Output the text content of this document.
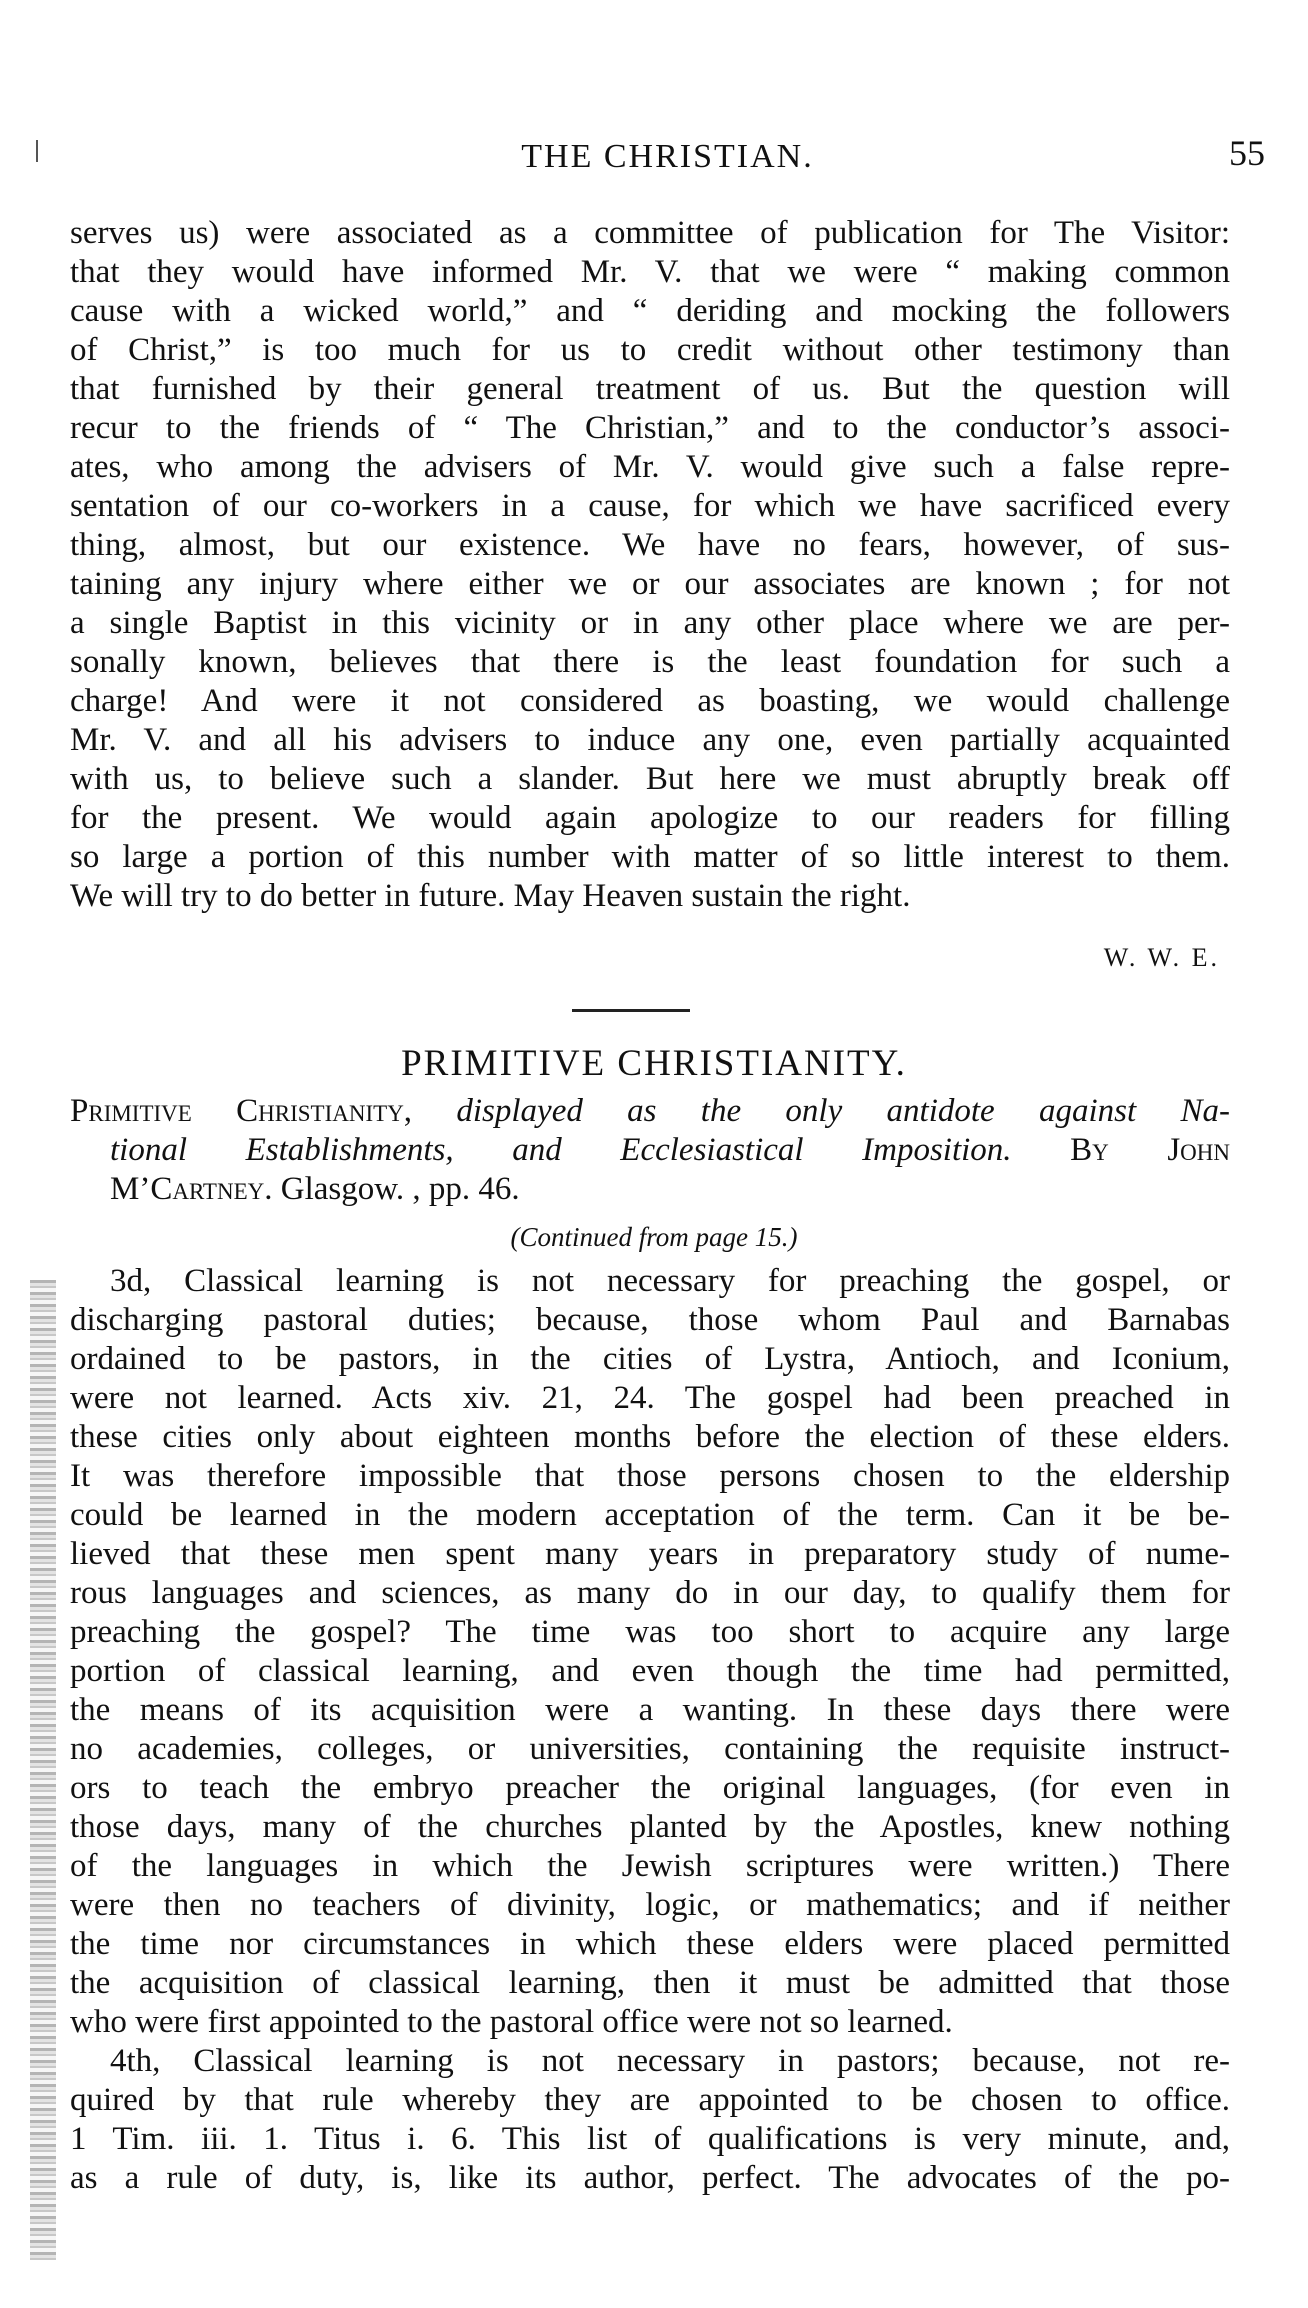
THE CHRISTIAN.	55
serves us) were associated as a committee of publication for The Visitor:
that they would have informed Mr. V. that we were “ making common
cause with a wicked world,” and “ deriding and mocking the followers
of Christ,” is too much for us to credit without other testimony than
that furnished by their general treatment of us. But the question will
recur to the friends of “ The Christian,” and to the conductor’s associ-
ates, who among the advisers of Mr. V. would give such a false repre-
sentation of our co-workers in a cause, for which we have sacrificed every
thing, almost, but our existence. We have no fears, however, of sus-
taining any injury where either we or our associates are known ; for not
a single Baptist in this vicinity or in any other place where we are per-
sonally known, believes that there is the least foundation for such a
charge! And were it not considered as boasting, we would challenge
Mr. V. and all his advisers to induce any one, even partially acquainted
with us, to believe such a slander. But here we must abruptly break off
for the present. We would again apologize to our readers for filling
so large a portion of this number with matter of so little interest to them.
We will try to do better in future. May Heaven sustain the right.
W. W. E.
PRIMITIVE CHRISTIANITY.
Primitive Christianity, displayed as the only antidote against Na-
tional Establishments, and Ecclesiastical Imposition. By John
M’Cartney. Glasgow. , pp. 46.
(Continued from page 15.)
3d, Classical learning is not necessary for preaching the gospel, or
discharging pastoral duties; because, those whom Paul and Barnabas
ordained to be pastors, in the cities of Lystra, Antioch, and Iconium,
were not learned. Acts xiv. 21, 24. The gospel had been preached in
these cities only about eighteen months before the election of these elders.
It was therefore impossible that those persons chosen to the eldership
could be learned in the modern acceptation of the term. Can it be be-
lieved that these men spent many years in preparatory study of nume-
rous languages and sciences, as many do in our day, to qualify them for
preaching the gospel? The time was too short to acquire any large
portion of classical learning, and even though the time had permitted,
the means of its acquisition were a wanting. In these days there were
no academies, colleges, or universities, containing the requisite instruct-
ors to teach the embryo preacher the original languages, (for even in
those days, many of the churches planted by the Apostles, knew nothing
of the languages in which the Jewish scriptures were written.) There
were then no teachers of divinity, logic, or mathematics; and if neither
the time nor circumstances in which these elders were placed permitted
the acquisition of classical learning, then it must be admitted that those
who were first appointed to the pastoral office were not so learned.
4th, Classical learning is not necessary in pastors; because, not re-
quired by that rule whereby they are appointed to be chosen to office.
1 Tim. iii. 1. Titus i. 6. This list of qualifications is very minute, and,
as a rule of duty, is, like its author, perfect. The advocates of the po-
